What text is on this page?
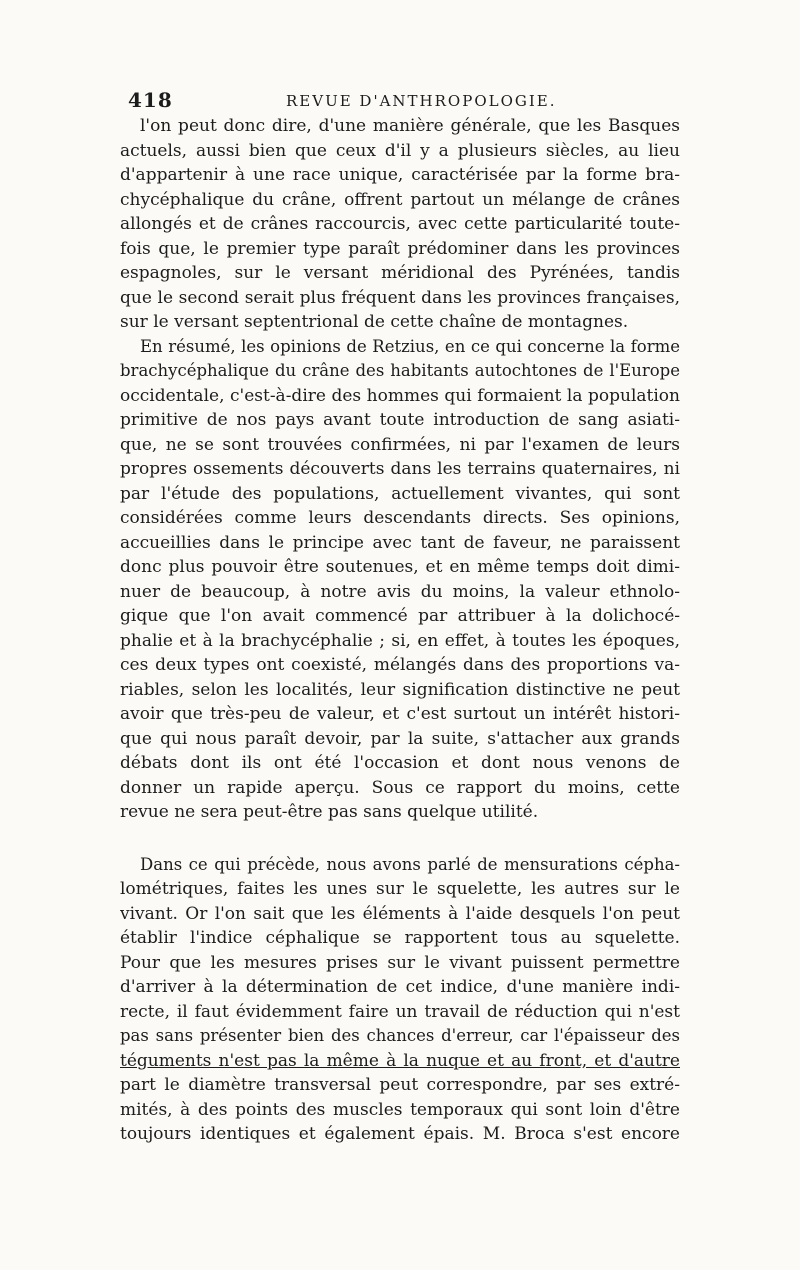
418	REVUE D'ANTHROPOLOGIE.
l'on peut donc dire, d'une manière générale, que les Basques
actuels, aussi bien que ceux d'il y a plusieurs siècles, au lieu
d'appartenir à une race unique, caractérisée par la forme bra-
chycéphalique du crâne, offrent partout un mélange de crânes
allongés et de crânes raccourcis, avec cette particularité toute-
fois que, le premier type paraît prédominer dans les provinces
espagnoles, sur le versant méridional des Pyrénées, tandis
que le second serait plus fréquent dans les provinces françaises,
sur le versant septentrional de cette chaîne de montagnes.
En résumé, les opinions de Retzius, en ce qui concerne la forme
brachycéphalique du crâne des habitants autochtones de l'Europe
occidentale, c'est-à-dire des hommes qui formaient la population
primitive de nos pays avant toute introduction de sang asiati-
que, ne se sont trouvées confirmées, ni par l'examen de leurs
propres ossements découverts dans les terrains quaternaires, ni
par l'étude des populations, actuellement vivantes, qui sont
considérées comme leurs descendants directs. Ses opinions,
accueillies dans le principe avec tant de faveur, ne paraissent
donc plus pouvoir être soutenues, et en même temps doit dimi-
nuer de beaucoup, à notre avis du moins, la valeur ethnolo-
gique que l'on avait commencé par attribuer à la dolichocé-
phalie et à la brachycéphalie ; si, en effet, à toutes les époques,
ces deux types ont coexisté, mélangés dans des proportions va-
riables, selon les localités, leur signification distinctive ne peut
avoir que très-peu de valeur, et c'est surtout un intérêt histori-
que qui nous paraît devoir, par la suite, s'attacher aux grands
débats dont ils ont été l'occasion et dont nous venons de
donner un rapide aperçu. Sous ce rapport du moins, cette
revue ne sera peut-être pas sans quelque utilité.
Dans ce qui précède, nous avons parlé de mensurations cépha-
lométriques, faites les unes sur le squelette, les autres sur le
vivant. Or l'on sait que les éléments à l'aide desquels l'on peut
établir l'indice céphalique se rapportent tous au squelette.
Pour que les mesures prises sur le vivant puissent permettre
d'arriver à la détermination de cet indice, d'une manière indi-
recte, il faut évidemment faire un travail de réduction qui n'est
pas sans présenter bien des chances d'erreur, car l'épaisseur des
téguments n'est pas la même à la nuque et au front, et d'autre
part le diamètre transversal peut correspondre, par ses extré-
mités, à des points des muscles temporaux qui sont loin d'être
toujours identiques et également épais. M. Broca s'est encore
